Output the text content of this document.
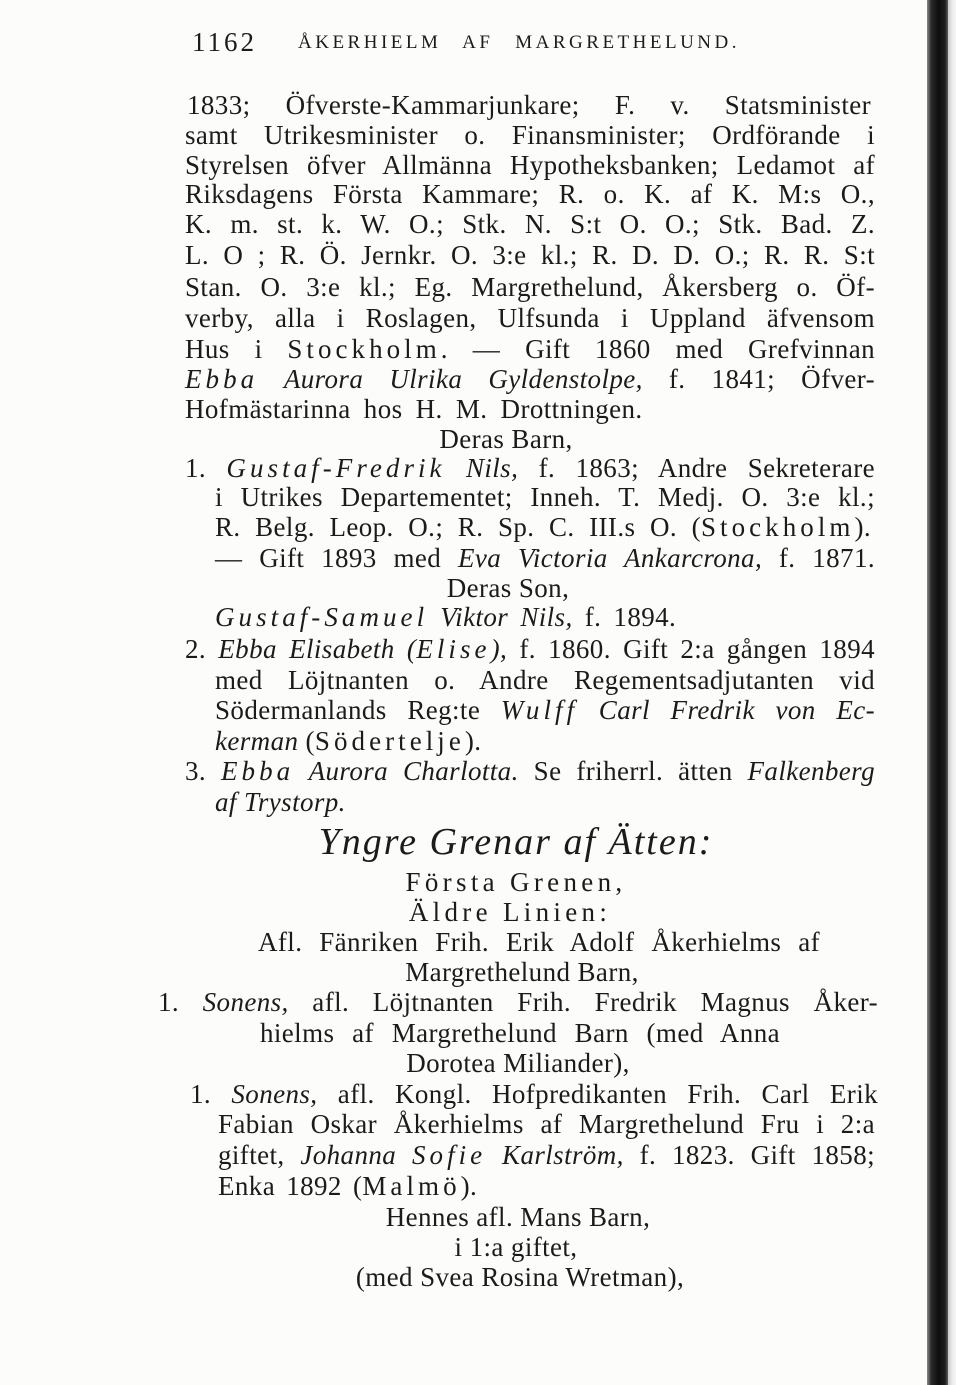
1162 ÅKERHIELM AF MARGRETHELUND.
1833; Öfverste-Kammarjunkare; F. v. Statsminister
samt Utrikesminister o. Finansminister; Ordförande i
Styrelsen öfver Allmänna Hypotheksbanken; Ledamot af
Riksdagens Första Kammare; R. o. K. af K. M:s O.,
K. m. st. k. W. O.; Stk. N. S:t O. O.; Stk. Bad. Z.
L. O ; R. Ö. Jernkr. O. 3:e kl.; R. D. D. O.; R. R. S:t
Stan. O. 3:e kl.; Eg. Margrethelund, Åkersberg o. Öf-
verby, alla i Roslagen, Ulfsunda i Uppland äfvensom
Hus i Stockholm. — Gift 1860 med Grefvinnan
Ebba Aurora Ulrika Gyldenstolpe, f. 1841; Öfver-
Hofmästarinna hos H. M. Drottningen.
Deras Barn,
1. Gustaf-Fredrik Nils, f. 1863; Andre Sekreterare
i Utrikes Departementet; Inneh. T. Medj. O. 3:e kl.;
R. Belg. Leop. O.; R. Sp. C. III.s O. (Stockholm).
— Gift 1893 med Eva Victoria Ankarcrona, f. 1871.
Deras Son,
Gustaf-Samuel Viktor Nils, f. 1894.
2. Ebba Elisabeth (Elise), f. 1860. Gift 2:a gången 1894
med Löjtnanten o. Andre Regementsadjutanten vid
Södermanlands Reg:te Wulff Carl Fredrik von Ec-
kerman (Södertelje).
3. Ebba Aurora Charlotta. Se friherrl. ätten Falkenberg
af Trystorp.
Yngre Grenar af Ätten:
Första Grenen,
Äldre Linien:
Afl. Fänriken Frih. Erik Adolf Åkerhielms af
Margrethelund Barn,
1. Sonens, afl. Löjtnanten Frih. Fredrik Magnus Åker-
hielms af Margrethelund Barn (med Anna
Dorotea Miliander),
1. Sonens, afl. Kongl. Hofpredikanten Frih. Carl Erik
Fabian Oskar Åkerhielms af Margrethelund Fru i 2:a
giftet, Johanna Sofie Karlström, f. 1823. Gift 1858;
Enka 1892 (Malmö).
Hennes afl. Mans Barn,
i 1:a giftet,
(med Svea Rosina Wretman),
